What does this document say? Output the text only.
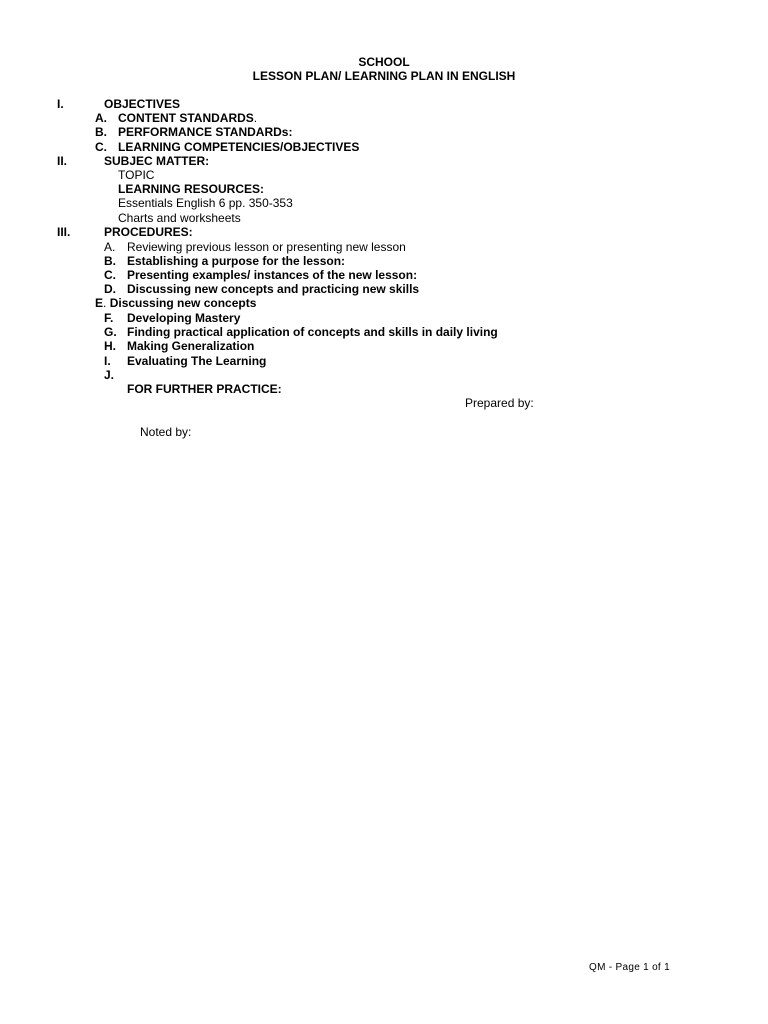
SCHOOL
LESSON PLAN/ LEARNING PLAN IN ENGLISH
I.	OBJECTIVES
A. CONTENT STANDARDS.
B. PERFORMANCE STANDARDs:
C. LEARNING COMPETENCIES/OBJECTIVES
II.	SUBJEC MATTER:
TOPIC
LEARNING RESOURCES:
Essentials English 6 pp. 350-353
Charts and worksheets
III.	PROCEDURES:
A. Reviewing previous lesson or presenting new lesson
B. Establishing a purpose for the lesson:
C. Presenting examples/ instances of the new lesson:
D. Discussing new concepts and practicing new skills
E. Discussing new concepts
F. Developing Mastery
G. Finding practical application of concepts and skills in daily living
H. Making Generalization
I. Evaluating The Learning
J.
FOR FURTHER PRACTICE:
Prepared by:
Noted by:
QM - Page 1 of 1
